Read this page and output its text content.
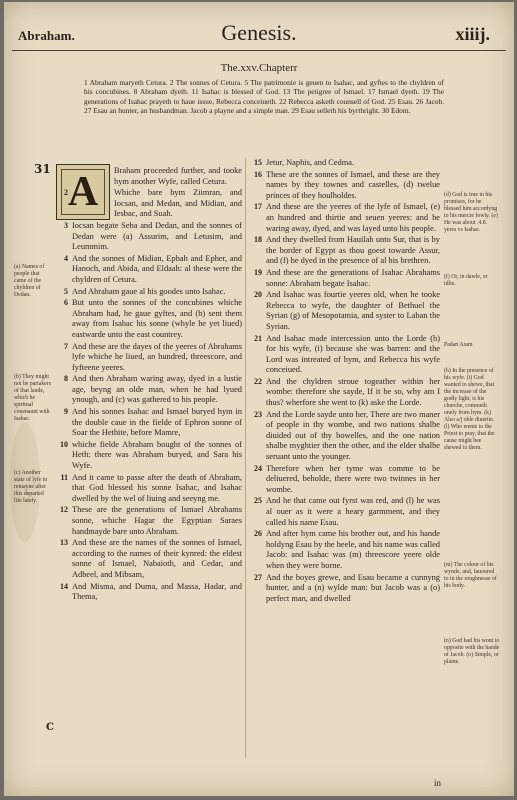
Abraham.	Genesis.	xiiij.
The.xxv.Chapterr
1 Abraham maryeth Cetura. 2 The sonnes of Cetura. 5 The patrimonie is geuen to Isahac, and gyftes to the chyldren of his concubines. 8 Abraham dyeth. 11 Isahac is blessed of God. 13 The petigree of Ismael. 17 Ismael dyeth. 19 The generations of Isahac prayeth to haue issue, Rebecca conceiueth. 22 Rebecca asketh counsell of God. 25 Esau. 26 Jacob. 27 Esau an hunter, an husbandman. Jacob a playne and a simple man. 29 Esau selleth his byrthright. 30 Edom.
31 A Braham proceeded further, and tooke hym another Wyfe, called Cetura.
2	Whiche bare hym Ziimran, and Iocsan, and Medan, and Midian, and Iesbac, and Suah.
3 Iocsan begate Seba and Dedan, and the sonnes of Dedan were (a) Assurim, and Letusim, and Leummim.
4 And the sonnes of Midian, Ephah and Epher, and Hanoch, and Abida, and Eldaah: al these were the chyldren of Cetura.
5 And Abraham gaue al his goodes unto Isahac.
6 But unto the sonnes of the concubines whiche Abraham had, he gaue gyftes, and (b) sent them away from Isahac his sonne (whyle he yet liued) eastwarde unto the east countrey.
7 And these are the dayes of the yeeres of Abrahams lyfe whiche he liued, an hundred, threescore, and fyfteene yeeres.
8 And then Abraham waring away, dyed in a lustie age, beyng an olde man, when he had lyued ynough, and (c) was gathered to his people.
9 And his sonnes Isahac and Ismael buryed hym in the double caue in the fielde of Ephron sonne of Soar the Hethite, before Mamre,
10 whiche fielde Abraham bought of the sonnes of Heth: there was Abraham buryed, and Sara his Wyfe.
11 And it came to passe after the death of Abraham, that God blessed his sonne Isahac, and Isahac dwelled by the wel of liuing and seeyng me.
12 These are the generations of Ismael Abrahams sonne, whiche Hagar the Egyptian Saraes handmayde bare unto Abraham.
13 And these are the names of the sonnes of Ismael, according to the names of their kynred: the eldest sonne of Ismael, Nabaioth, and Cedar, and Adbeel, and Mibsam,
14 And Misma, and Duma, and Massa, Hadar, and Thema,
15 Jetur, Naphis, and Cedma.
16 These are the sonnes of Ismael, and these are they names by they townes and castelles, (d) twelue princes of they houlholdes.
17 And these are the yeeres of the lyfe of Ismael, (e) an hundred and thirtie and seuen yeeres: and he waring away, dyed, and was layed unto his people.
18 And they dwelled from Hauilah unto Sur, that is by the border of Egypt as thou goest towarde Assur, and (f) he dyed in the presence of al his brethren.
19 And these are the generations of Isahac Abrahams sonne: Abraham begate Isahac.
20 And Isahac was fourtie yeeres old, when he tooke Rebecca to wyfe, the daughter of Bethuel the Syrian (g) of Mesopotamia, and syster to Laban the Syrian.
21 And Isahac made intercession unto the Lorde (h) for his wyfe, (i) because she was barren: and the Lord was intreated of hym, and Rebecca his wyfe conceiued.
22 And the chyldren stroue togeather within her wombe: therefore she sayde, If it be so, why am I thus? wherfore she went to (k) aske the Lorde.
23 And the Lorde sayde unto her, There are two maner of people in thy wombe, and two nations shalbe diuided out of thy bowelles, and the one nation shalbe myghtier then the other, and the elder shalbe seruant unto the younger.
24 Therefore when her tyme was comme to be deliuered, beholde, there were two twinnes in her wombe.
25 And he that came out fyrst was red, and (l) he was al ouer as it were a heary garmment, and they called his name Esau.
26 And after hym came his brother out, and his hande holdyng Esau by the heele, and his name was called Jacob: and Isahac was (m) threescore yeere olde when they were borne.
27 And the boyes grewe, and Esau became a cunnyng hunter, and a (n) wylde man: but Jacob was a (o) perfect man, and dwelled
(a) Names of people that came of the chyldren of Dedan.
(b) They might not be partakers of that lande, which he spiritual couenaunt with Isahac.
(c) Another state of lyfe to remayne after this departed life lately.
(d) God is true in his promises, for he blessed him accordyng to his mercie fowly. (e) He was about .4.8. yeres vs Isahac.
(f) Or, in dawle, or idlie.
Padan Aram
(h) In the presence of his wyfe. (i) God wanted to shewe, that the increase of the godly light, is his churche, commeth onely from hym. (k) Also a/j oble diuerite. (l) Who wente to the Priest to pray, that the cause might bee shewed to them.
(m) The colour of his wynde, and, fauoured to in the roughnesse of his body.
(n) God had his wont to opposite with the hande of Jacob. (o) Simple, or plaine.
C
in
